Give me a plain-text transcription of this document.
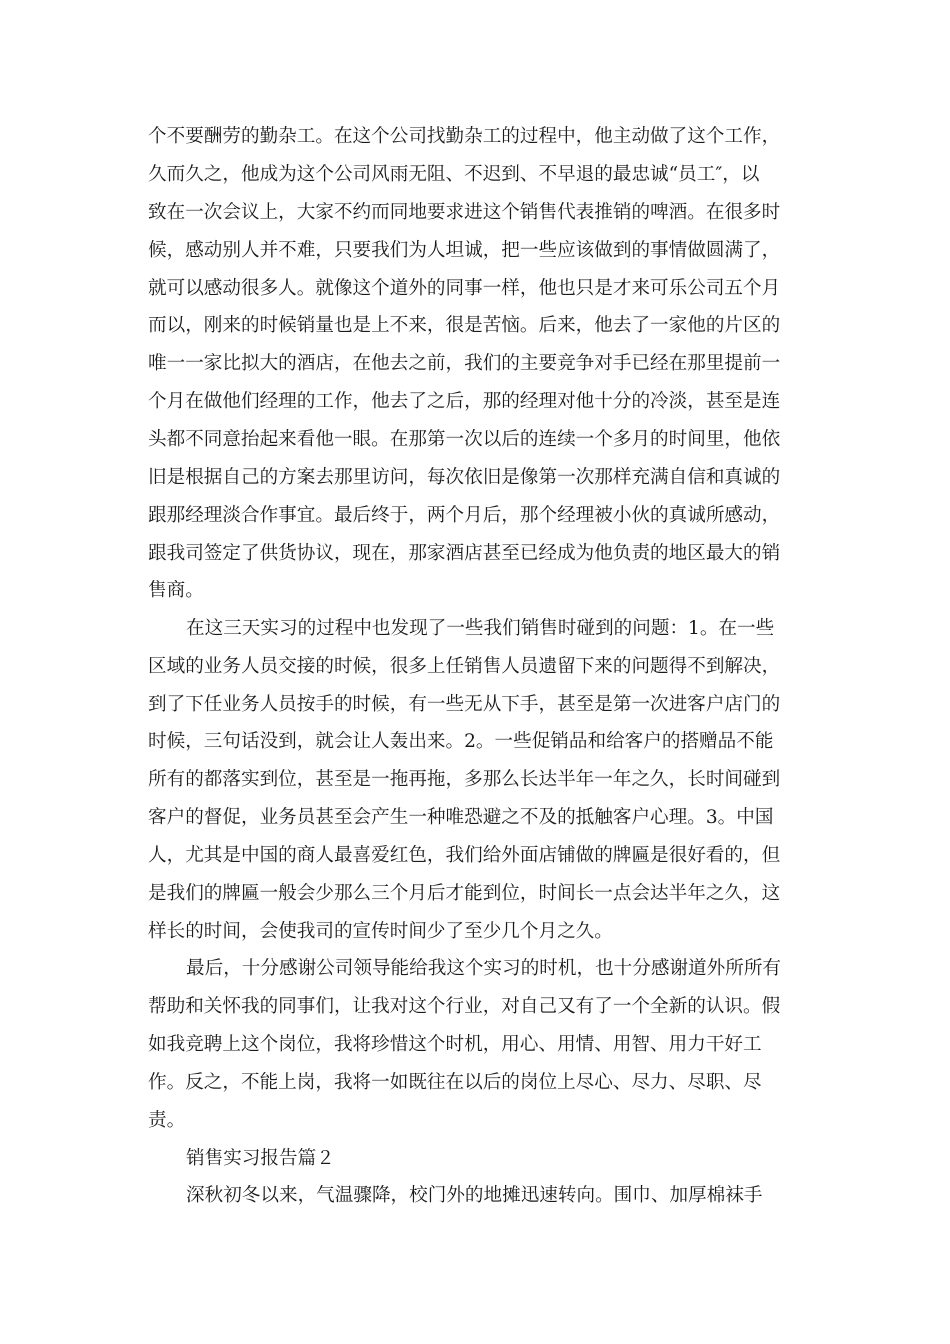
个不要酬劳的勤杂工。在这个公司找勤杂工的过程中，他主动做了这个工作，
久而久之，他成为这个公司风雨无阻、不迟到、不早退的最忠诚“员工″，以
致在一次会议上，大家不约而同地要求进这个销售代表推销的啤酒。在很多时
候，感动别人并不难，只要我们为人坦诚，把一些应该做到的事情做圆满了，
就可以感动很多人。就像这个道外的同事一样，他也只是才来可乐公司五个月
而以，刚来的时候销量也是上不来，很是苦恼。后来，他去了一家他的片区的
唯一一家比拟大的酒店，在他去之前，我们的主要竞争对手已经在那里提前一
个月在做他们经理的工作，他去了之后，那的经理对他十分的冷淡，甚至是连
头都不同意抬起来看他一眼。在那第一次以后的连续一个多月的时间里，他依
旧是根据自己的方案去那里访问，每次依旧是像第一次那样充满自信和真诚的
跟那经理淡合作事宜。最后终于，两个月后，那个经理被小伙的真诚所感动，
跟我司签定了供货协议，现在，那家酒店甚至已经成为他负责的地区最大的销
售商。
在这三天实习的过程中也发现了一些我们销售时碰到的问题：1。在一些
区域的业务人员交接的时候，很多上任销售人员遗留下来的问题得不到解决，
到了下任业务人员按手的时候，有一些无从下手，甚至是第一次进客户店门的
时候，三句话没到，就会让人轰出来。2。一些促销品和给客户的搭赠品不能
所有的都落实到位，甚至是一拖再拖，多那么长达半年一年之久，长时间碰到
客户的督促，业务员甚至会产生一种唯恐避之不及的抵触客户心理。3。中国
人，尤其是中国的商人最喜爱红色，我们给外面店铺做的牌匾是很好看的，但
是我们的牌匾一般会少那么三个月后才能到位，时间长一点会达半年之久，这
样长的时间，会使我司的宣传时间少了至少几个月之久。
最后，十分感谢公司领导能给我这个实习的时机，也十分感谢道外所所有
帮助和关怀我的同事们，让我对这个行业，对自己又有了一个全新的认识。假
如我竞聘上这个岗位，我将珍惜这个时机，用心、用情、用智、用力干好工
作。反之，不能上岗，我将一如既往在以后的岗位上尽心、尽力、尽职、尽
责。
销售实习报告篇２
深秋初冬以来，气温骤降，校门外的地摊迅速转向。围巾、加厚棉袜手
